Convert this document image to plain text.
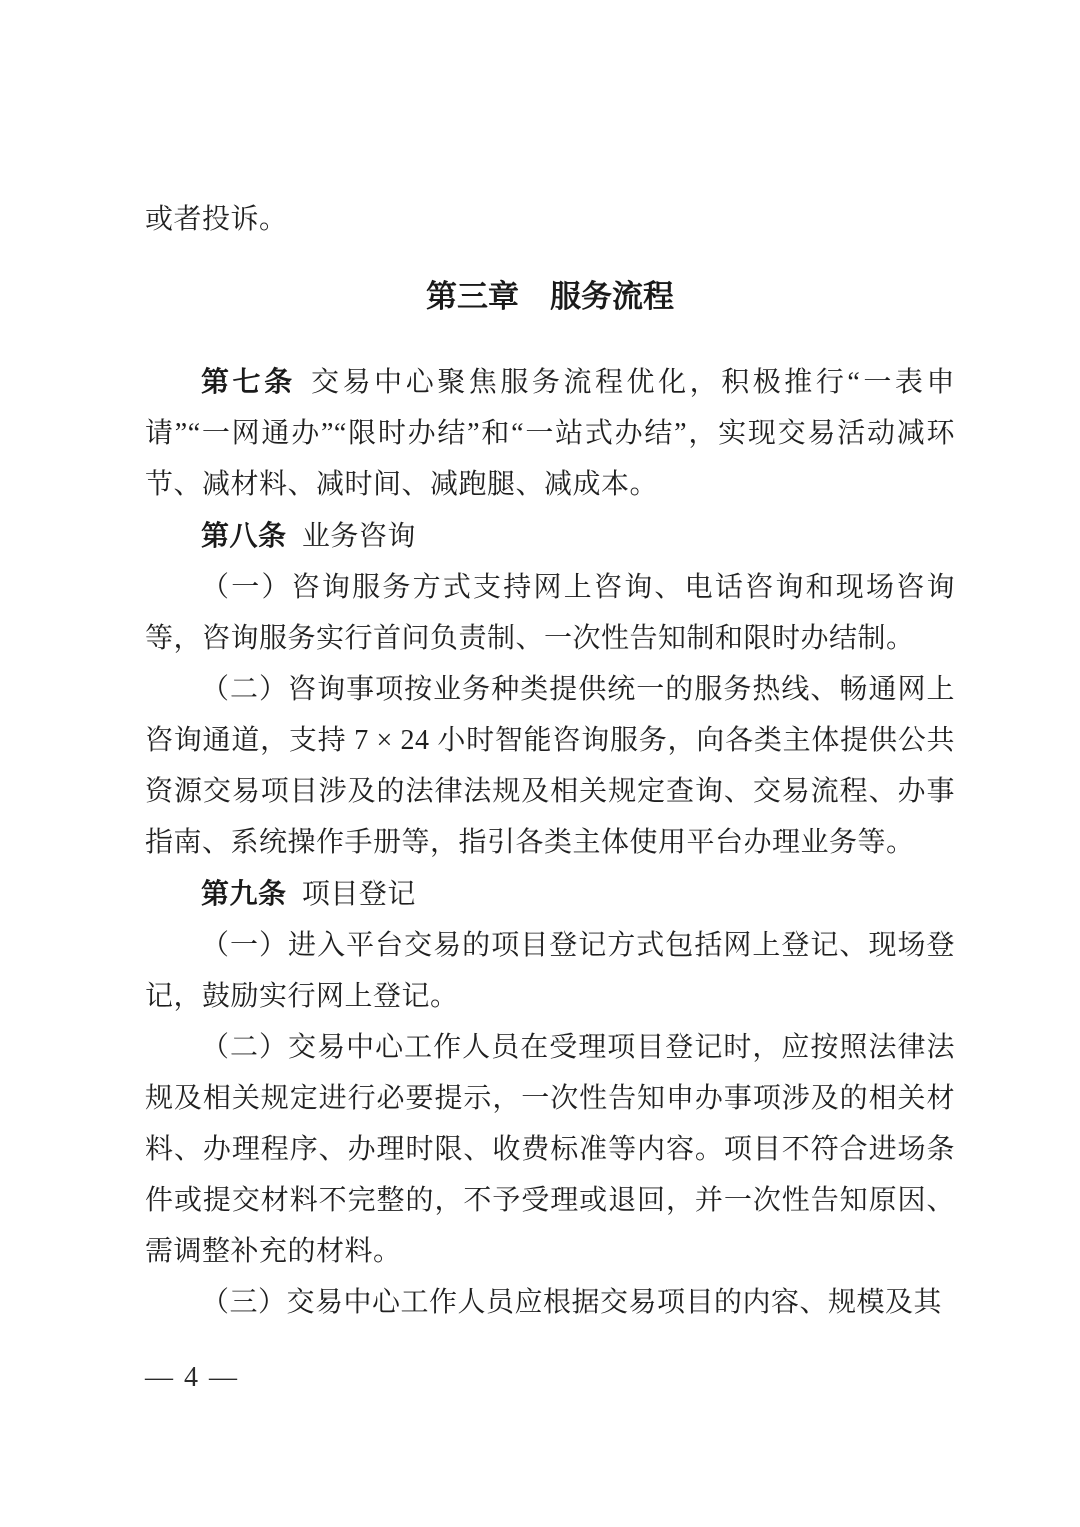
或者投诉。

第三章　服务流程

第七条 交易中心聚焦服务流程优化，积极推行“一表申请”“一网通办”“限时办结”和“一站式办结”，实现交易活动减环节、减材料、减时间、减跑腿、减成本。

第八条 业务咨询

（一）咨询服务方式支持网上咨询、电话咨询和现场咨询等，咨询服务实行首问负责制、一次性告知制和限时办结制。

（二）咨询事项按业务种类提供统一的服务热线、畅通网上咨询通道，支持 7 × 24 小时智能咨询服务，向各类主体提供公共资源交易项目涉及的法律法规及相关规定查询、交易流程、办事指南、系统操作手册等，指引各类主体使用平台办理业务等。

第九条 项目登记

（一）进入平台交易的项目登记方式包括网上登记、现场登记，鼓励实行网上登记。

（二）交易中心工作人员在受理项目登记时，应按照法律法规及相关规定进行必要提示，一次性告知申办事项涉及的相关材料、办理程序、办理时限、收费标准等内容。项目不符合进场条件或提交材料不完整的，不予受理或退回，并一次性告知原因、需调整补充的材料。

（三）交易中心工作人员应根据交易项目的内容、规模及其

— 4 —
